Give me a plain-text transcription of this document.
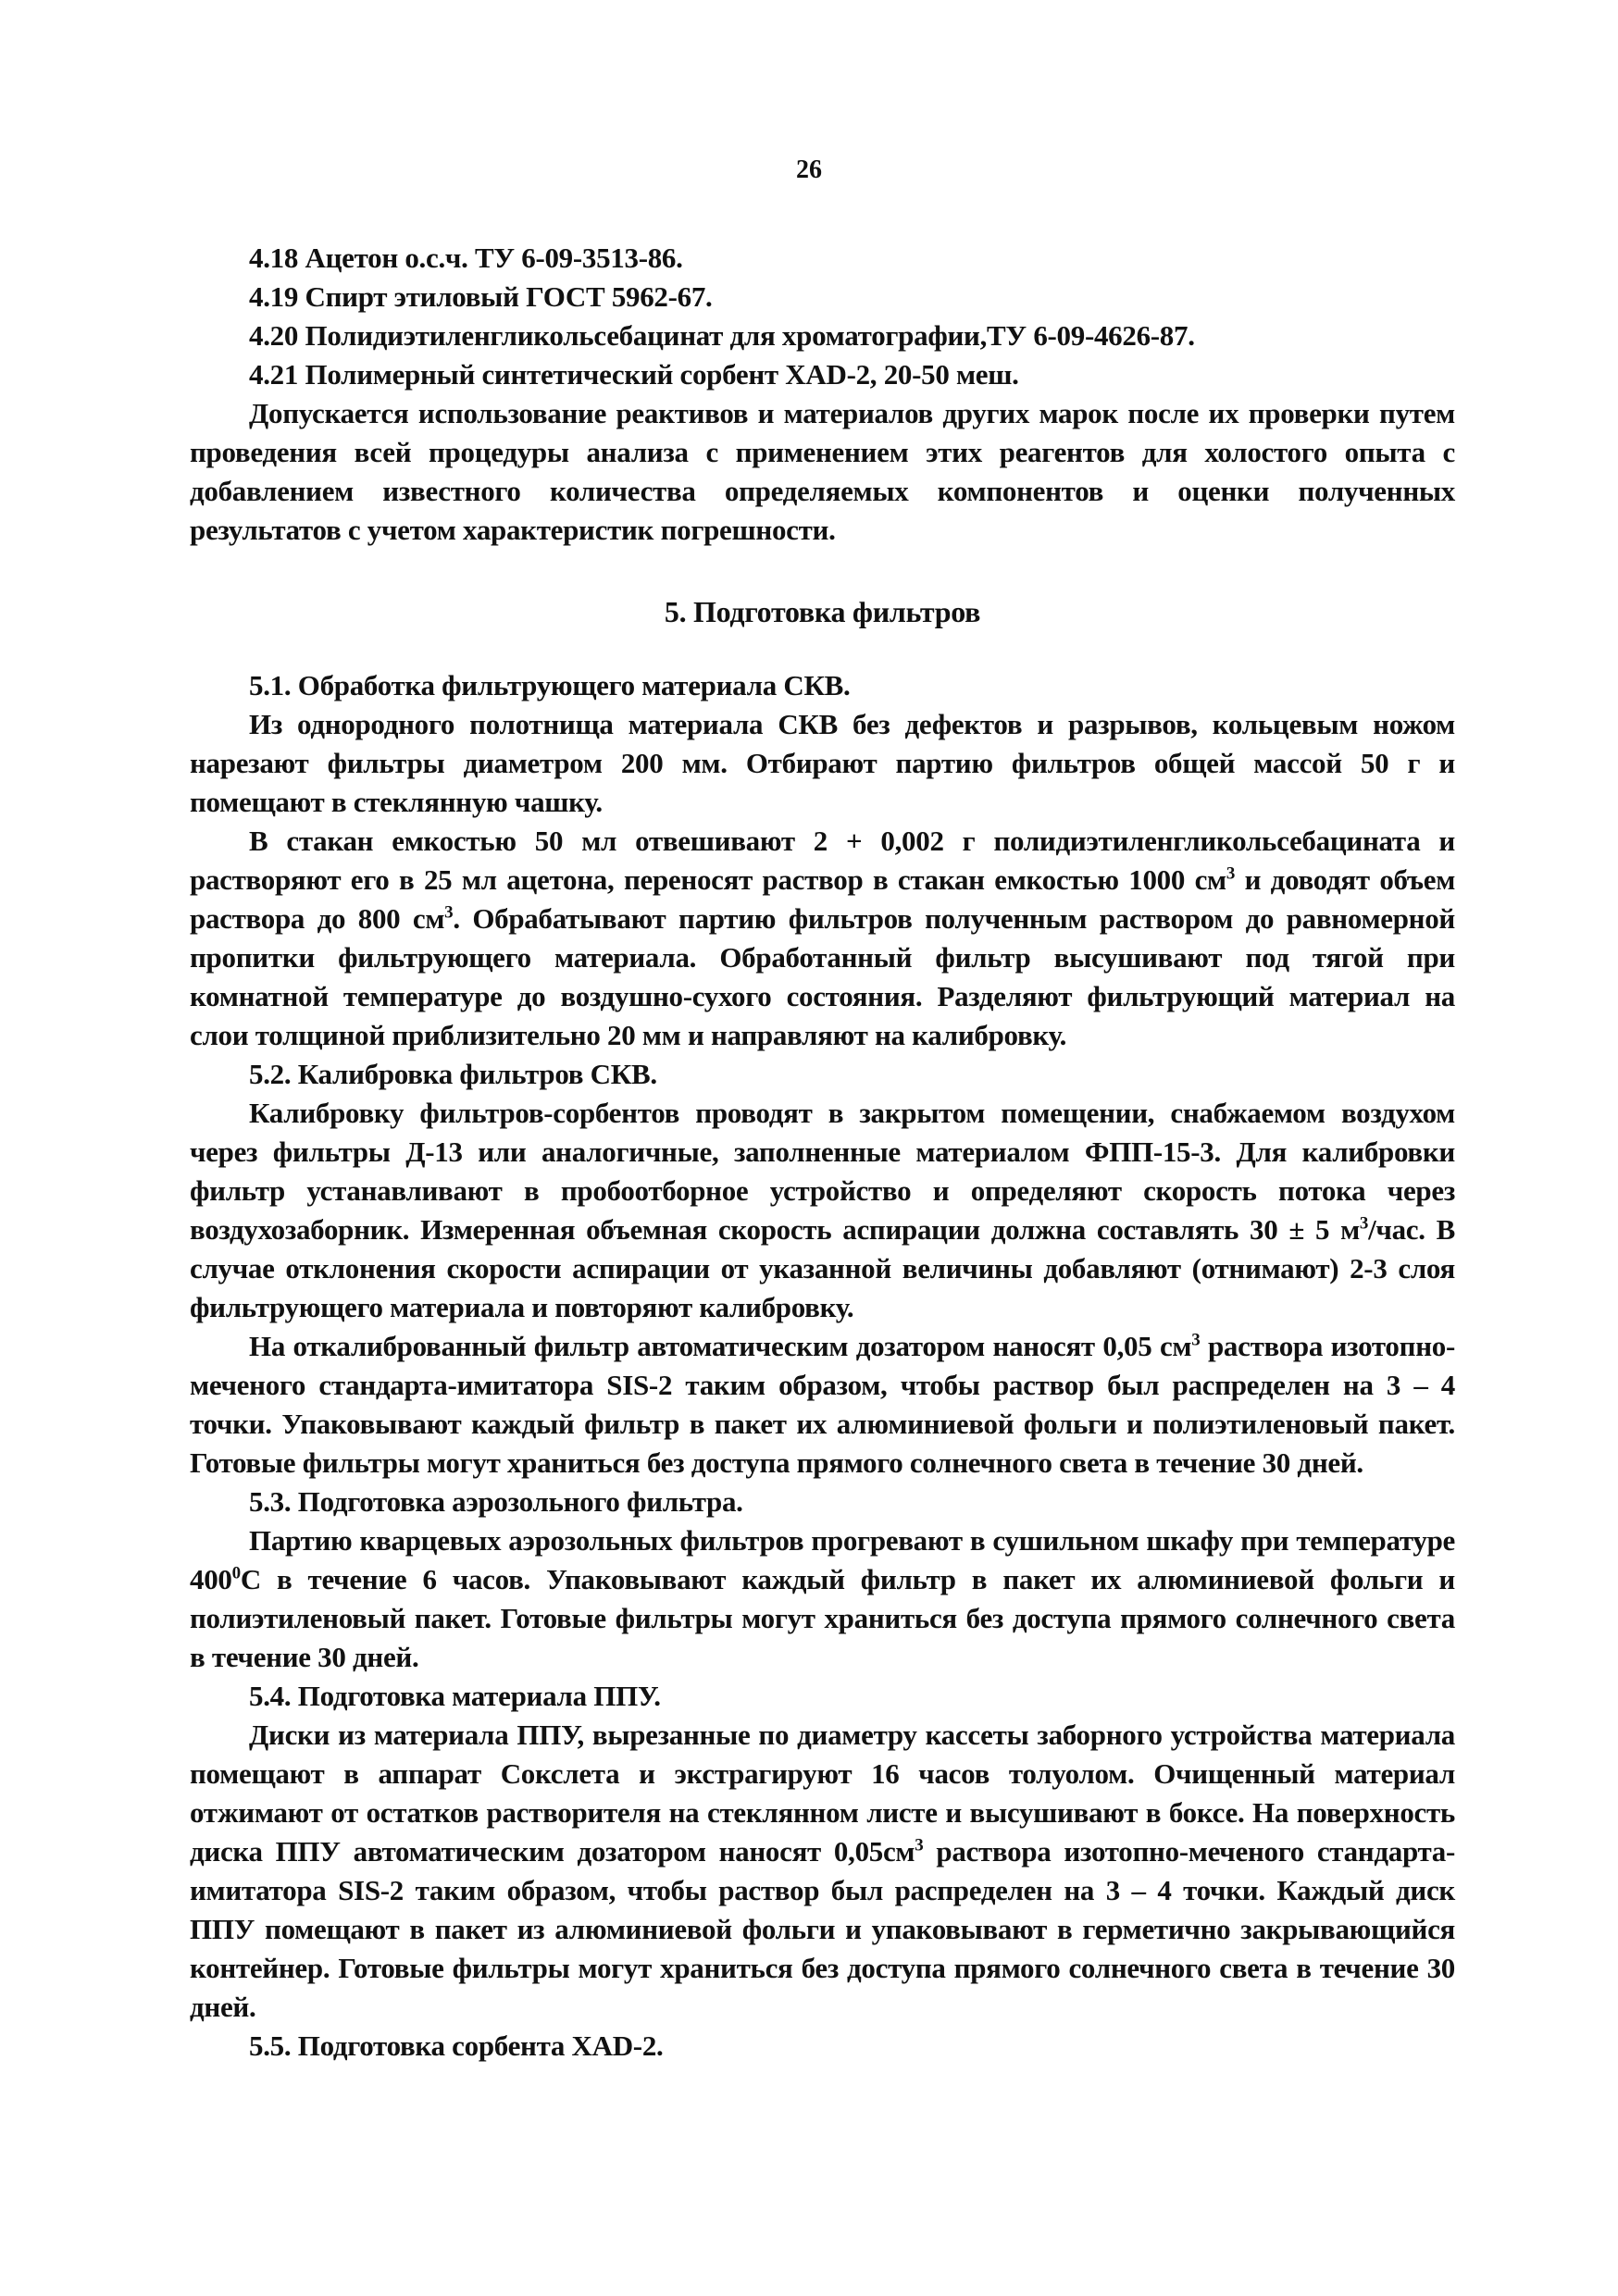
26
4.18 Ацетон о.с.ч. ТУ 6-09-3513-86.
4.19 Спирт этиловый ГОСТ 5962-67.
4.20 Полидиэтиленгликольсебацинат для хроматографии,ТУ 6-09-4626-87.
4.21 Полимерный синтетический сорбент XAD-2, 20-50 меш.

Допускается использование реактивов и материалов других марок после их проверки путем проведения всей процедуры анализа с применением этих реагентов для холостого опыта с добавлением известного количества определяемых компонентов и оценки полученных результатов с учетом характеристик погрешности.

5. Подготовка фильтров

5.1. Обработка фильтрующего материала СКВ.

Из однородного полотнища материала СКВ без дефектов и разрывов, кольцевым ножом нарезают фильтры диаметром 200 мм. Отбирают партию фильтров общей массой 50 г и помещают в стеклянную чашку.

В стакан емкостью 50 мл отвешивают 2 + 0,002 г полидиэтиленгликольсебацината и растворяют его в 25 мл ацетона, переносят раствор в стакан емкостью 1000 $см^3$ и доводят объем раствора до 800 $см^3$. Обрабатывают партию фильтров полученным раствором до равномерной пропитки фильтрующего материала. Обработанный фильтр высушивают под тягой при комнатной температуре до воздушно-сухого состояния. Разделяют фильтрующий материал на слои толщиной приблизительно 20 мм и направляют на калибровку.

5.2. Калибровка фильтров СКВ.

Калибровку фильтров-сорбентов проводят в закрытом помещении, снабжаемом воздухом через фильтры Д-13 или аналогичные, заполненные материалом ФПП-15-3. Для калибровки фильтр устанавливают в пробоотборное устройство и определяют скорость потока через воздухозаборник. Измеренная объемная скорость аспирации должна составлять 30 ± 5 $м^3$/час. В случае отклонения скорости аспирации от указанной величины добавляют (отнимают) 2-3 слоя фильтрующего материала и повторяют калибровку.

На откалиброванный фильтр автоматическим дозатором наносят 0,05 $см^3$ раствора изотопно-меченого стандарта-имитатора SIS-2 таким образом, чтобы раствор был распределен на 3 – 4 точки. Упаковывают каждый фильтр в пакет их алюминиевой фольги и полиэтиленовый пакет. Готовые фильтры могут храниться без доступа прямого солнечного света в течение 30 дней.

5.3. Подготовка аэрозольного фильтра.

Партию кварцевых аэрозольных фильтров прогревают в сушильном шкафу при температуре $400^0С$ в течение 6 часов. Упаковывают каждый фильтр в пакет их алюминиевой фольги и полиэтиленовый пакет. Готовые фильтры могут храниться без доступа прямого солнечного света в течение 30 дней.

5.4. Подготовка материала ППУ.

Диски из материала ППУ, вырезанные по диаметру кассеты заборного устройства материала помещают в аппарат Сокслета и экстрагируют 16 часов толуолом. Очищенный материал отжимают от остатков растворителя на стеклянном листе и высушивают в боксе. На поверхность диска ППУ автоматическим дозатором наносят $0,05см^3$ раствора изотопно-меченого стандарта-имитатора SIS-2 таким образом, чтобы раствор был распределен на 3 – 4 точки. Каждый диск ППУ помещают в пакет из алюминиевой фольги и упаковывают в герметично закрывающийся контейнер. Готовые фильтры могут храниться без доступа прямого солнечного света в течение 30 дней.

5.5. Подготовка сорбента XAD-2.
